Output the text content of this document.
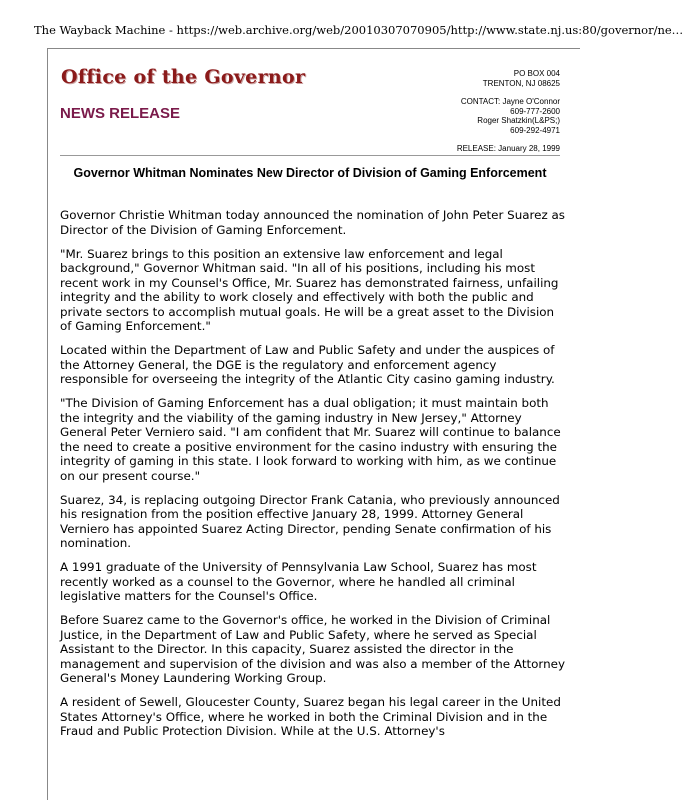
The Wayback Machine - https://web.archive.org/web/20010307070905/http://www.state.nj.us:80/governor/ne…
Office of the Governor
NEWS RELEASE
PO BOX 004
TRENTON, NJ 08625
CONTACT: Jayne O'Connor
609-777-2600
Roger Shatzkin(L&PS;)
609-292-4971
RELEASE: January 28, 1999
Governor Whitman Nominates New Director of Division of Gaming Enforcement

Governor Christie Whitman today announced the nomination of John Peter Suarez as Director of the Division of Gaming Enforcement.

"Mr. Suarez brings to this position an extensive law enforcement and legal background," Governor Whitman said. "In all of his positions, including his most recent work in my Counsel's Office, Mr. Suarez has demonstrated fairness, unfailing integrity and the ability to work closely and effectively with both the public and private sectors to accomplish mutual goals. He will be a great asset to the Division of Gaming Enforcement."

Located within the Department of Law and Public Safety and under the auspices of the Attorney General, the DGE is the regulatory and enforcement agency responsible for overseeing the integrity of the Atlantic City casino gaming industry.

"The Division of Gaming Enforcement has a dual obligation; it must maintain both the integrity and the viability of the gaming industry in New Jersey," Attorney General Peter Verniero said. "I am confident that Mr. Suarez will continue to balance the need to create a positive environment for the casino industry with ensuring the integrity of gaming in this state. I look forward to working with him, as we continue on our present course."

Suarez, 34, is replacing outgoing Director Frank Catania, who previously announced his resignation from the position effective January 28, 1999. Attorney General Verniero has appointed Suarez Acting Director, pending Senate confirmation of his nomination.

A 1991 graduate of the University of Pennsylvania Law School, Suarez has most recently worked as a counsel to the Governor, where he handled all criminal legislative matters for the Counsel's Office.

Before Suarez came to the Governor's office, he worked in the Division of Criminal Justice, in the Department of Law and Public Safety, where he served as Special Assistant to the Director. In this capacity, Suarez assisted the director in the management and supervision of the division and was also a member of the Attorney General's Money Laundering Working Group.

A resident of Sewell, Gloucester County, Suarez began his legal career in the United States Attorney's Office, where he worked in both the Criminal Division and in the Fraud and Public Protection Division. While at the U.S. Attorney's
